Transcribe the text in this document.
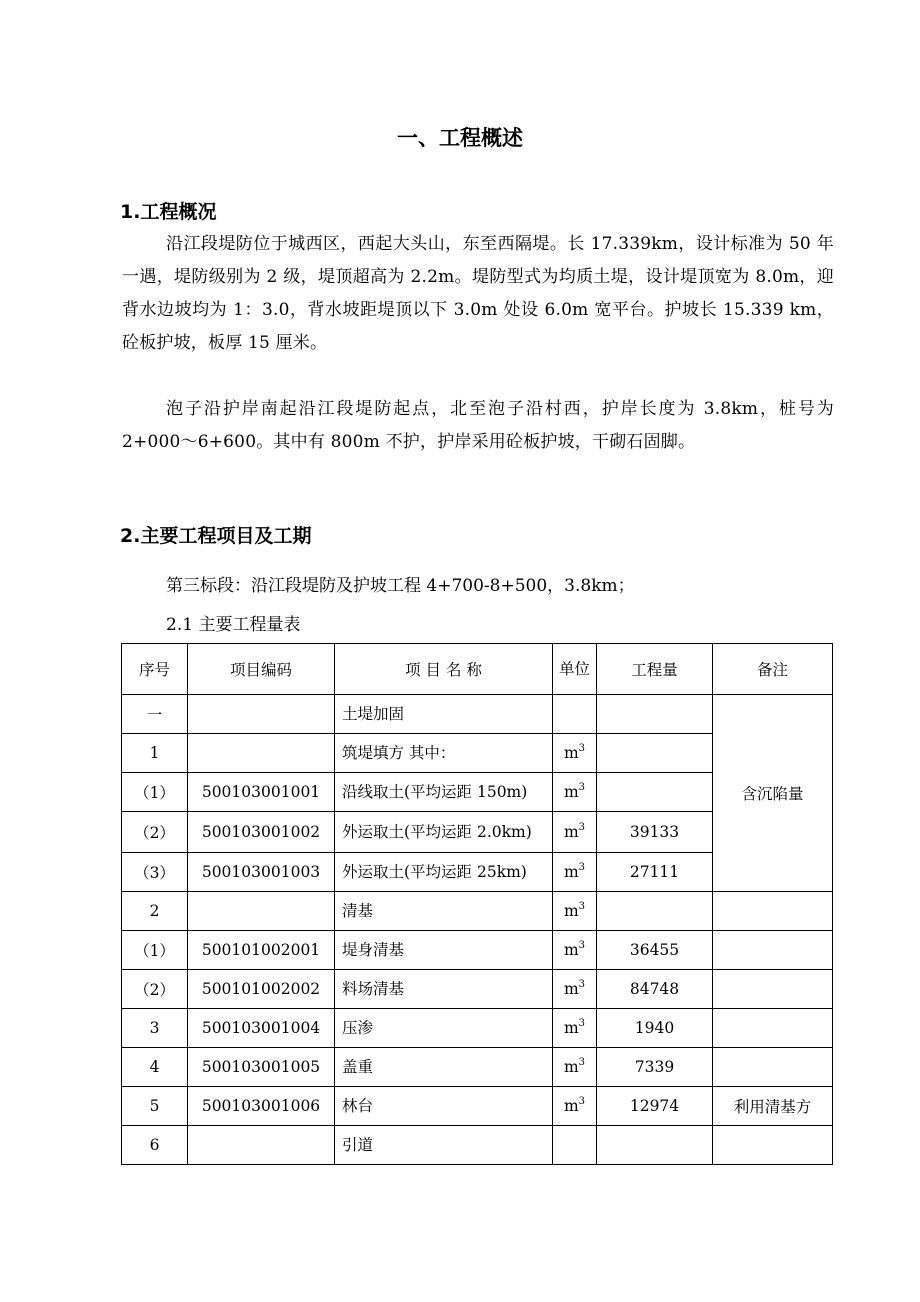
一、工程概述
1.工程概况
沿江段堤防位于城西区，西起大头山，东至西隔堤。长 17.339km，设计标准为 50 年一遇，堤防级别为 2 级，堤顶超高为 2.2m。堤防型式为均质土堤，设计堤顶宽为 8.0m，迎背水边坡均为 1：3.0，背水坡距堤顶以下 3.0m 处设 6.0m 宽平台。护坡长 15.339 km，砼板护坡，板厚 15 厘米。
泡子沿护岸南起沿江段堤防起点，北至泡子沿村西，护岸长度为 3.8km，桩号为 2+000～6+600。其中有 800m 不护，护岸采用砼板护坡，干砌石固脚。
2.主要工程项目及工期
第三标段：沿江段堤防及护坡工程 4+700-8+500，3.8km；
2.1 主要工程量表
序号	项目编码	项 目 名 称	单位	工程量	备注
一		土堤加固			含沉陷量
1		筑堤填方 其中：	$m^3$	
（1）	500103001001	沿线取土(平均运距 150m)	$m^3$	
（2）	500103001002	外运取土(平均运距 2.0km)	$m^3$	39133	
（3）	500103001003	外运取土(平均运距 25km)	$m^3$	27111	
2		清基	$m^3$		
（1）	500101002001	堤身清基	$m^3$	36455	
（2）	500101002002	料场清基	$m^3$	84748	
3	500103001004	压渗	$m^3$	1940	
4	500103001005	盖重	$m^3$	7339	
5	500103001006	林台	$m^3$	12974	利用清基方
6		引道			
